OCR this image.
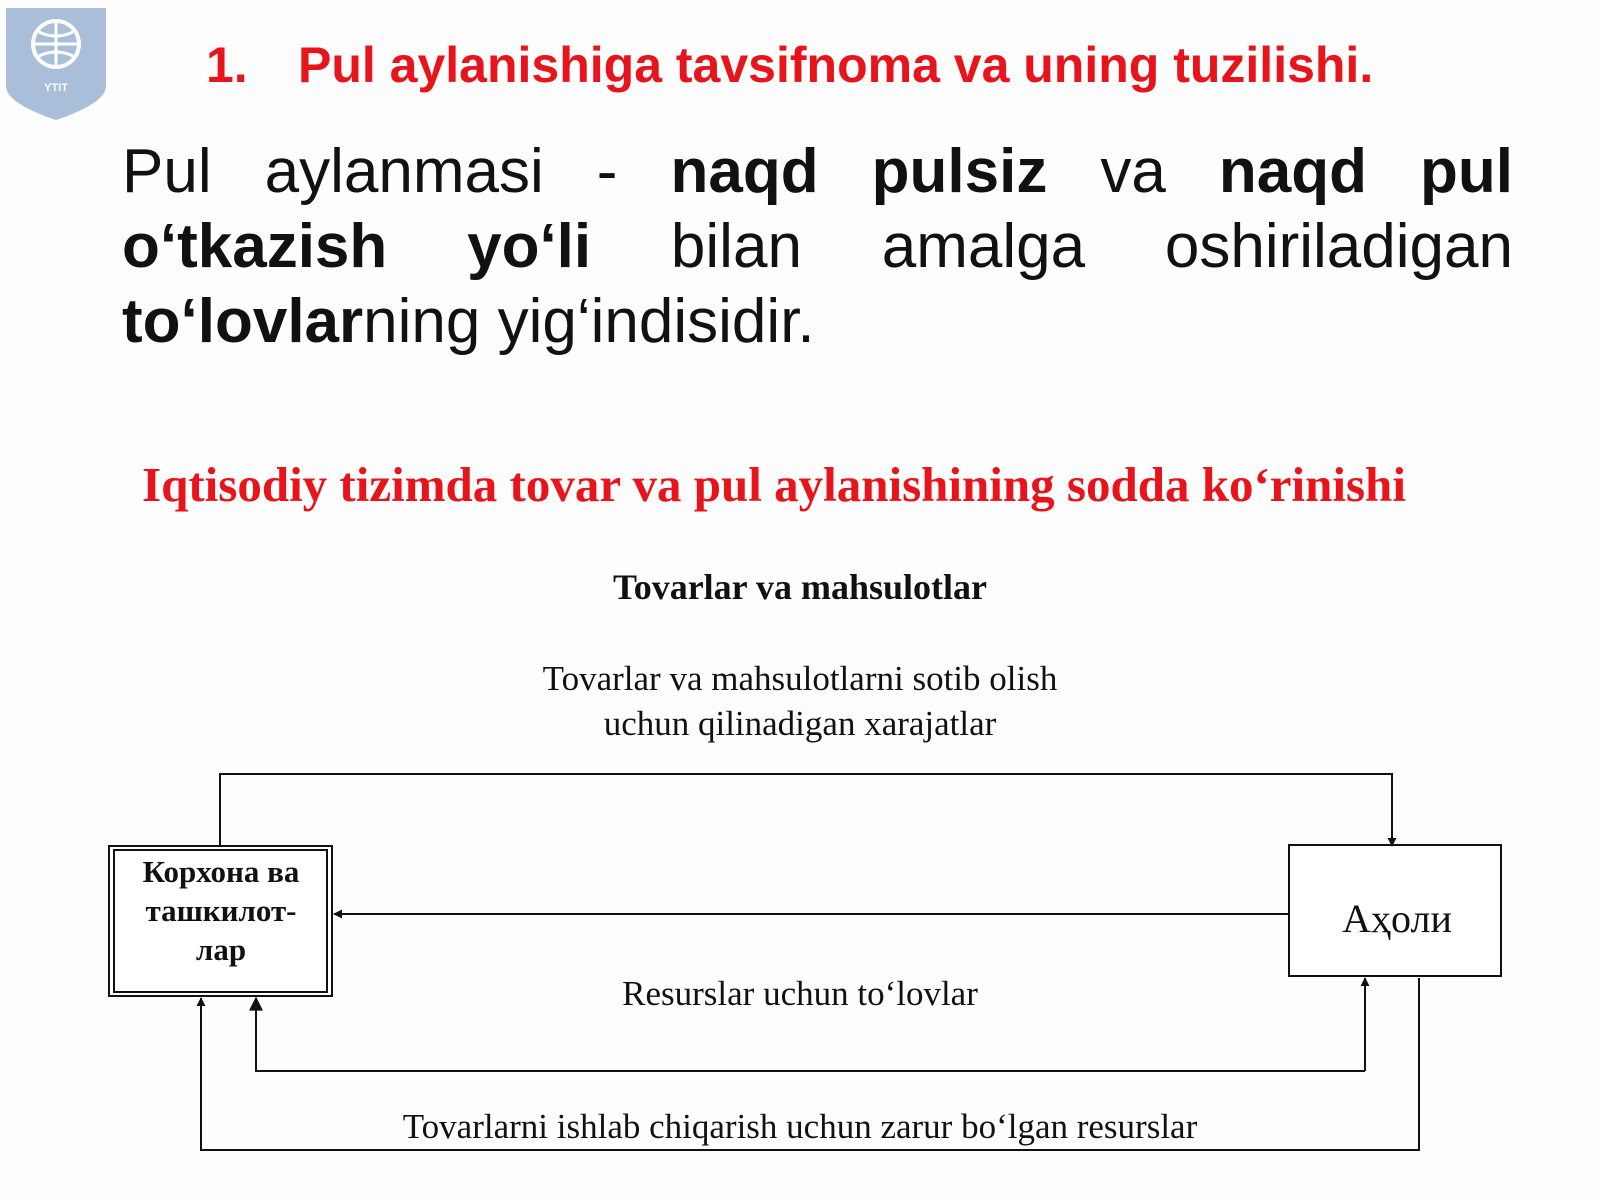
YTIT	1. Pul aylanishiga tavsifnoma va uning tuzilishi.
Pul aylanmasi - naqd pulsiz va naqd pul o‘tkazish yo‘li bilan amalga oshiriladigan to‘lovlarning yig‘indisidir.
Iqtisodiy tizimda tovar va pul aylanishining sodda ko‘rinishi
Tovarlar va mahsulotlar
Tovarlar va mahsulotlarni sotib olish
uchun qilinadigan xarajatlar
Корхона ва
ташкилот-
лар
Аҳоли
Resurslar uchun to‘lovlar
Tovarlarni ishlab chiqarish uchun zarur bo‘lgan resurslar
